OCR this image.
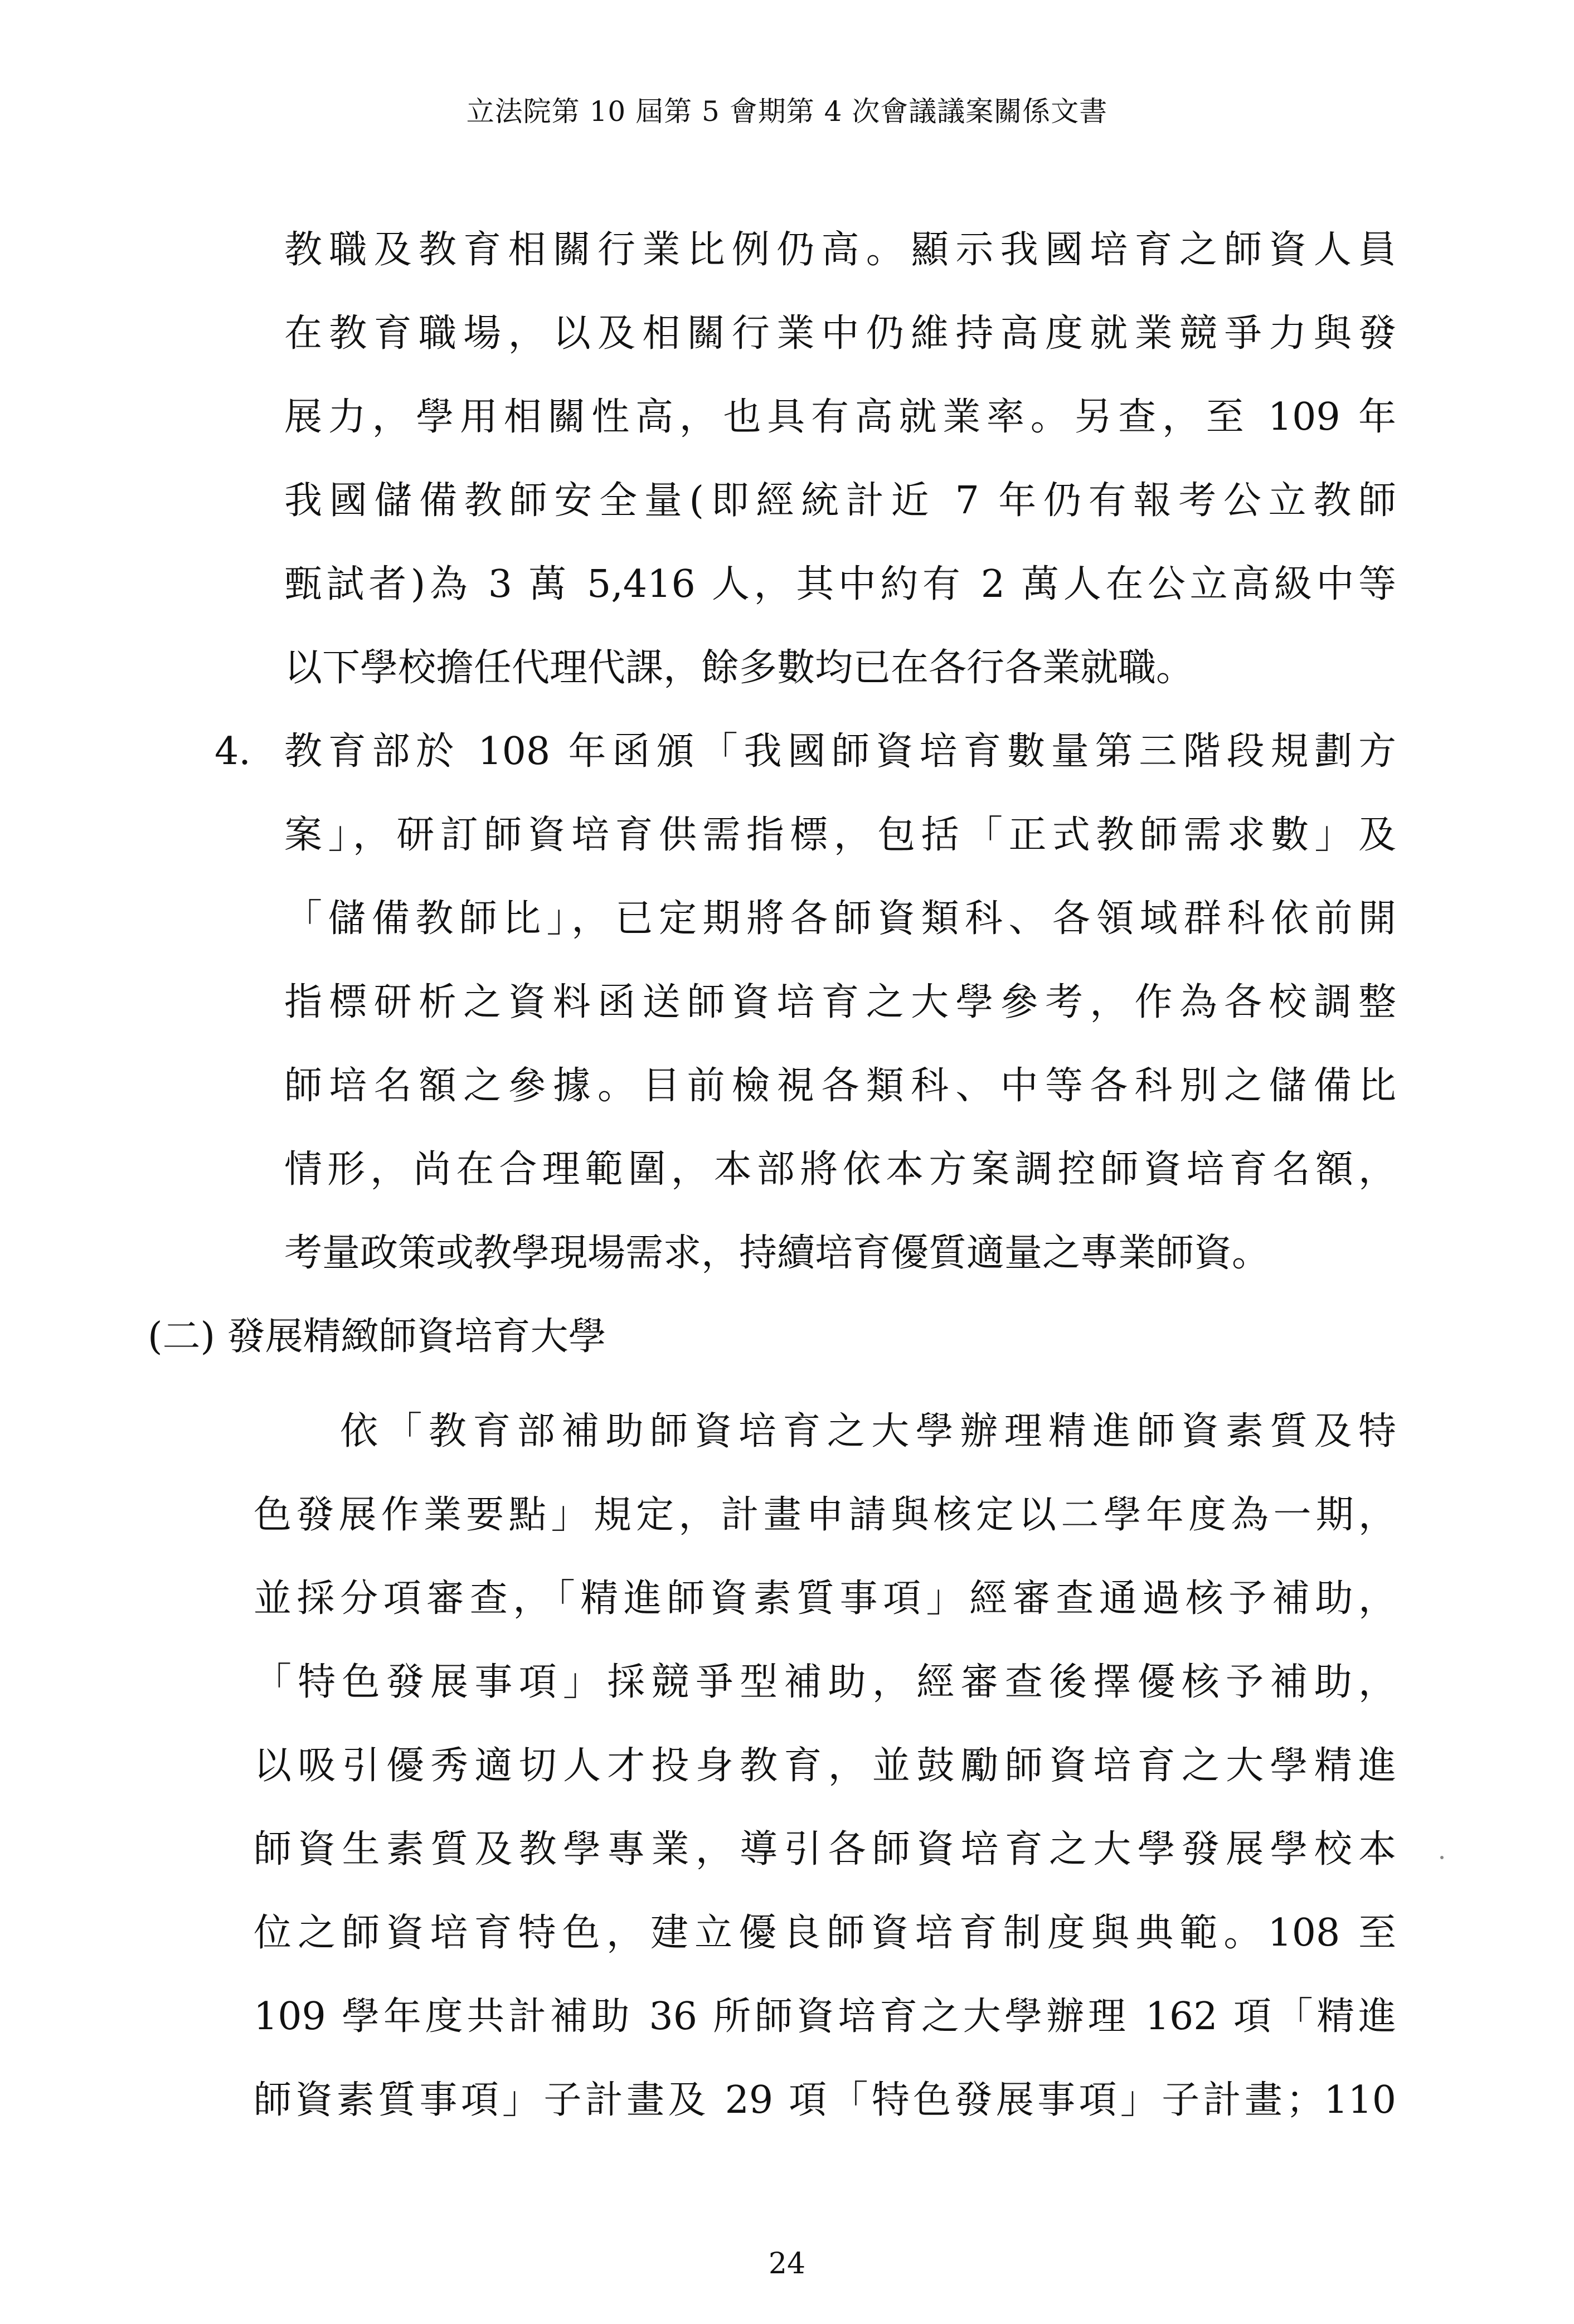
立法院第 10 屆第 5 會期第 4 次會議議案關係文書
教職及教育相關行業比例仍高。顯示我國培育之師資人員
在教育職場，以及相關行業中仍維持高度就業競爭力與發
展力，學用相關性高，也具有高就業率。另查，至 109 年
我國儲備教師安全量(即經統計近 7 年仍有報考公立教師
甄試者)為 3 萬 5,416 人，其中約有 2 萬人在公立高級中等
以下學校擔任代理代課，餘多數均已在各行各業就職。
4. 教育部於 108 年函頒「我國師資培育數量第三階段規劃方
案」，研訂師資培育供需指標，包括「正式教師需求數」及
「儲備教師比」，已定期將各師資類科、各領域群科依前開
指標研析之資料函送師資培育之大學參考，作為各校調整
師培名額之參據。目前檢視各類科、中等各科別之儲備比
情形，尚在合理範圍，本部將依本方案調控師資培育名額，
考量政策或教學現場需求，持續培育優質適量之專業師資。
(二) 發展精緻師資培育大學
依「教育部補助師資培育之大學辦理精進師資素質及特
色發展作業要點」規定，計畫申請與核定以二學年度為一期，
並採分項審查，「精進師資素質事項」經審查通過核予補助，
「特色發展事項」採競爭型補助，經審查後擇優核予補助，
以吸引優秀適切人才投身教育，並鼓勵師資培育之大學精進
師資生素質及教學專業，導引各師資培育之大學發展學校本
位之師資培育特色，建立優良師資培育制度與典範。108 至
109 學年度共計補助 36 所師資培育之大學辦理 162 項「精進
師資素質事項」子計畫及 29 項「特色發展事項」子計畫；110
24
